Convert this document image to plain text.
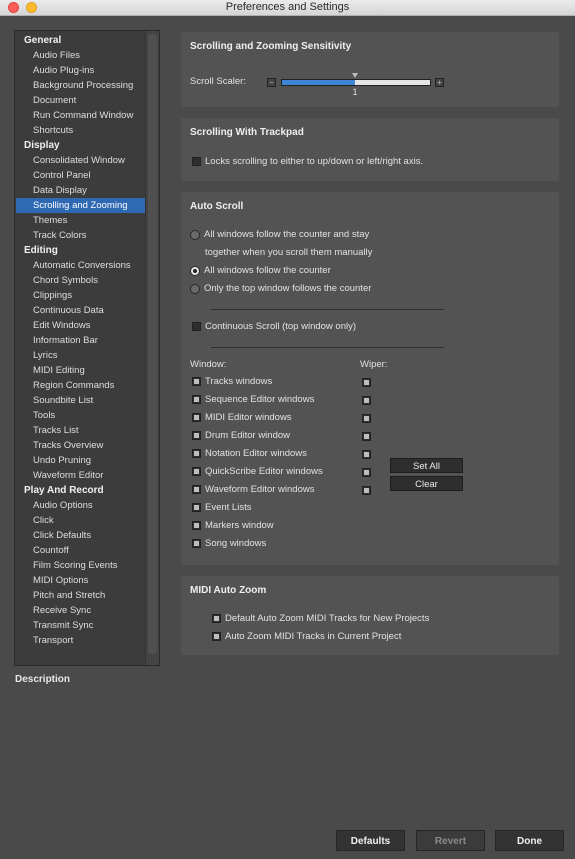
Preferences and Settings
General
Audio Files
Audio Plug-ins
Background Processing
Document
Run Command Window
Shortcuts
Display
Consolidated Window
Control Panel
Data Display
Scrolling and Zooming
Themes
Track Colors
Editing
Automatic Conversions
Chord Symbols
Clippings
Continuous Data
Edit Windows
Information Bar
Lyrics
MIDI Editing
Region Commands
Soundbite List
Tools
Tracks List
Tracks Overview
Undo Pruning
Waveform Editor
Play And Record
Audio Options
Click
Click Defaults
Countoff
Film Scoring Events
MIDI Options
Pitch and Stretch
Receive Sync
Transmit Sync
Transport
Description
Scrolling and Zooming Sensitivity
Scroll Scaler:	−	+
1
Scrolling With Trackpad
Locks scrolling to either to up/down or left/right axis.
Auto Scroll
All windows follow the counter and stay
together when you scroll them manually
All windows follow the counter
Only the top window follows the counter
Continuous Scroll (top window only)
Window:	Wiper:
Set All
Clear
Tracks windows
Sequence Editor windows
MIDI Editor windows
Drum Editor window
Notation Editor windows
QuickScribe Editor windows
Waveform Editor windows
Event Lists
Markers window
Song windows
MIDI Auto Zoom
Default Auto Zoom MIDI Tracks for New Projects
Auto Zoom MIDI Tracks in Current Project
Defaults	Revert	Done
